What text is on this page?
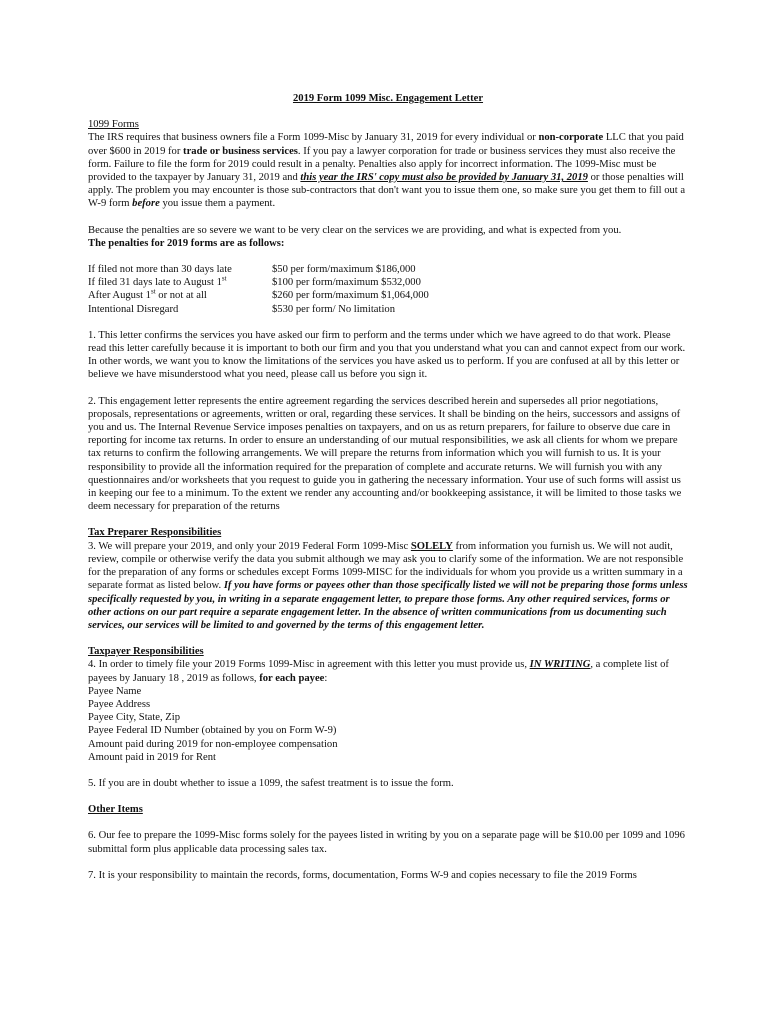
2019 Form 1099 Misc. Engagement Letter
1099 Forms

The IRS requires that business owners file a Form 1099-Misc by January 31, 2019 for every individual or non-corporate LLC that you paid over $600 in 2019 for trade or business services. If you pay a lawyer corporation for trade or business services they must also receive the form. Failure to file the form for 2019 could result in a penalty. Penalties also apply for incorrect information. The 1099-Misc must be provided to the taxpayer by January 31, 2019 and this year the IRS' copy must also be provided by January 31, 2019 or those penalties will apply. The problem you may encounter is those sub-contractors that don't want you to issue them one, so make sure you get them to fill out a W-9 form before you issue them a payment.

Because the penalties are so severe we want to be very clear on the services we are providing, and what is expected from you.
The penalties for 2019 forms are as follows:

If filed not more than 30 days late	$50 per form/maximum $186,000
If filed 31 days late to August 1st	$100 per form/maximum $532,000
After August 1st or not at all	$260 per form/maximum $1,064,000
Intentional Disregard	$530 per form/ No limitation

1. This letter confirms the services you have asked our firm to perform and the terms under which we have agreed to do that work. Please read this letter carefully because it is important to both our firm and you that you understand what you can and cannot expect from our work. In other words, we want you to know the limitations of the services you have asked us to perform. If you are confused at all by this letter or believe we have misunderstood what you need, please call us before you sign it.

2. This engagement letter represents the entire agreement regarding the services described herein and supersedes all prior negotiations, proposals, representations or agreements, written or oral, regarding these services. It shall be binding on the heirs, successors and assigns of you and us. The Internal Revenue Service imposes penalties on taxpayers, and on us as return preparers, for failure to observe due care in reporting for income tax returns. In order to ensure an understanding of our mutual responsibilities, we ask all clients for whom we prepare tax returns to confirm the following arrangements. We will prepare the returns from information which you will furnish to us. It is your responsibility to provide all the information required for the preparation of complete and accurate returns. We will furnish you with any questionnaires and/or worksheets that you request to guide you in gathering the necessary information. Your use of such forms will assist us in keeping our fee to a minimum. To the extent we render any accounting and/or bookkeeping assistance, it will be limited to those tasks we deem necessary for preparation of the returns

Tax Preparer Responsibilities

3. We will prepare your 2019, and only your 2019 Federal Form 1099-Misc SOLELY from information you furnish us. We will not audit, review, compile or otherwise verify the data you submit although we may ask you to clarify some of the information. We are not responsible for the preparation of any forms or schedules except Forms 1099-MISC for the individuals for whom you provide us a written summary in a separate format as listed below. If you have forms or payees other than those specifically listed we will not be preparing those forms unless specifically requested by you, in writing in a separate engagement letter, to prepare those forms. Any other required services, forms or other actions on our part require a separate engagement letter. In the absence of written communications from us documenting such services, our services will be limited to and governed by the terms of this engagement letter.

Taxpayer Responsibilities
4. In order to timely file your 2019 Forms 1099-Misc in agreement with this letter you must provide us, IN WRITING, a complete list of payees by January 18 , 2019 as follows, for each payee:
Payee Name
Payee Address
Payee City, State, Zip
Payee Federal ID Number (obtained by you on Form W-9)
Amount paid during 2019 for non-employee compensation

Amount paid in 2019 for Rent

5. If you are in doubt whether to issue a 1099, the safest treatment is to issue the form.

Other Items

6. Our fee to prepare the 1099-Misc forms solely for the payees listed in writing by you on a separate page will be $10.00 per 1099 and 1096 submittal form plus applicable data processing sales tax.

7. It is your responsibility to maintain the records, forms, documentation, Forms W-9 and copies necessary to file the 2019 Forms
